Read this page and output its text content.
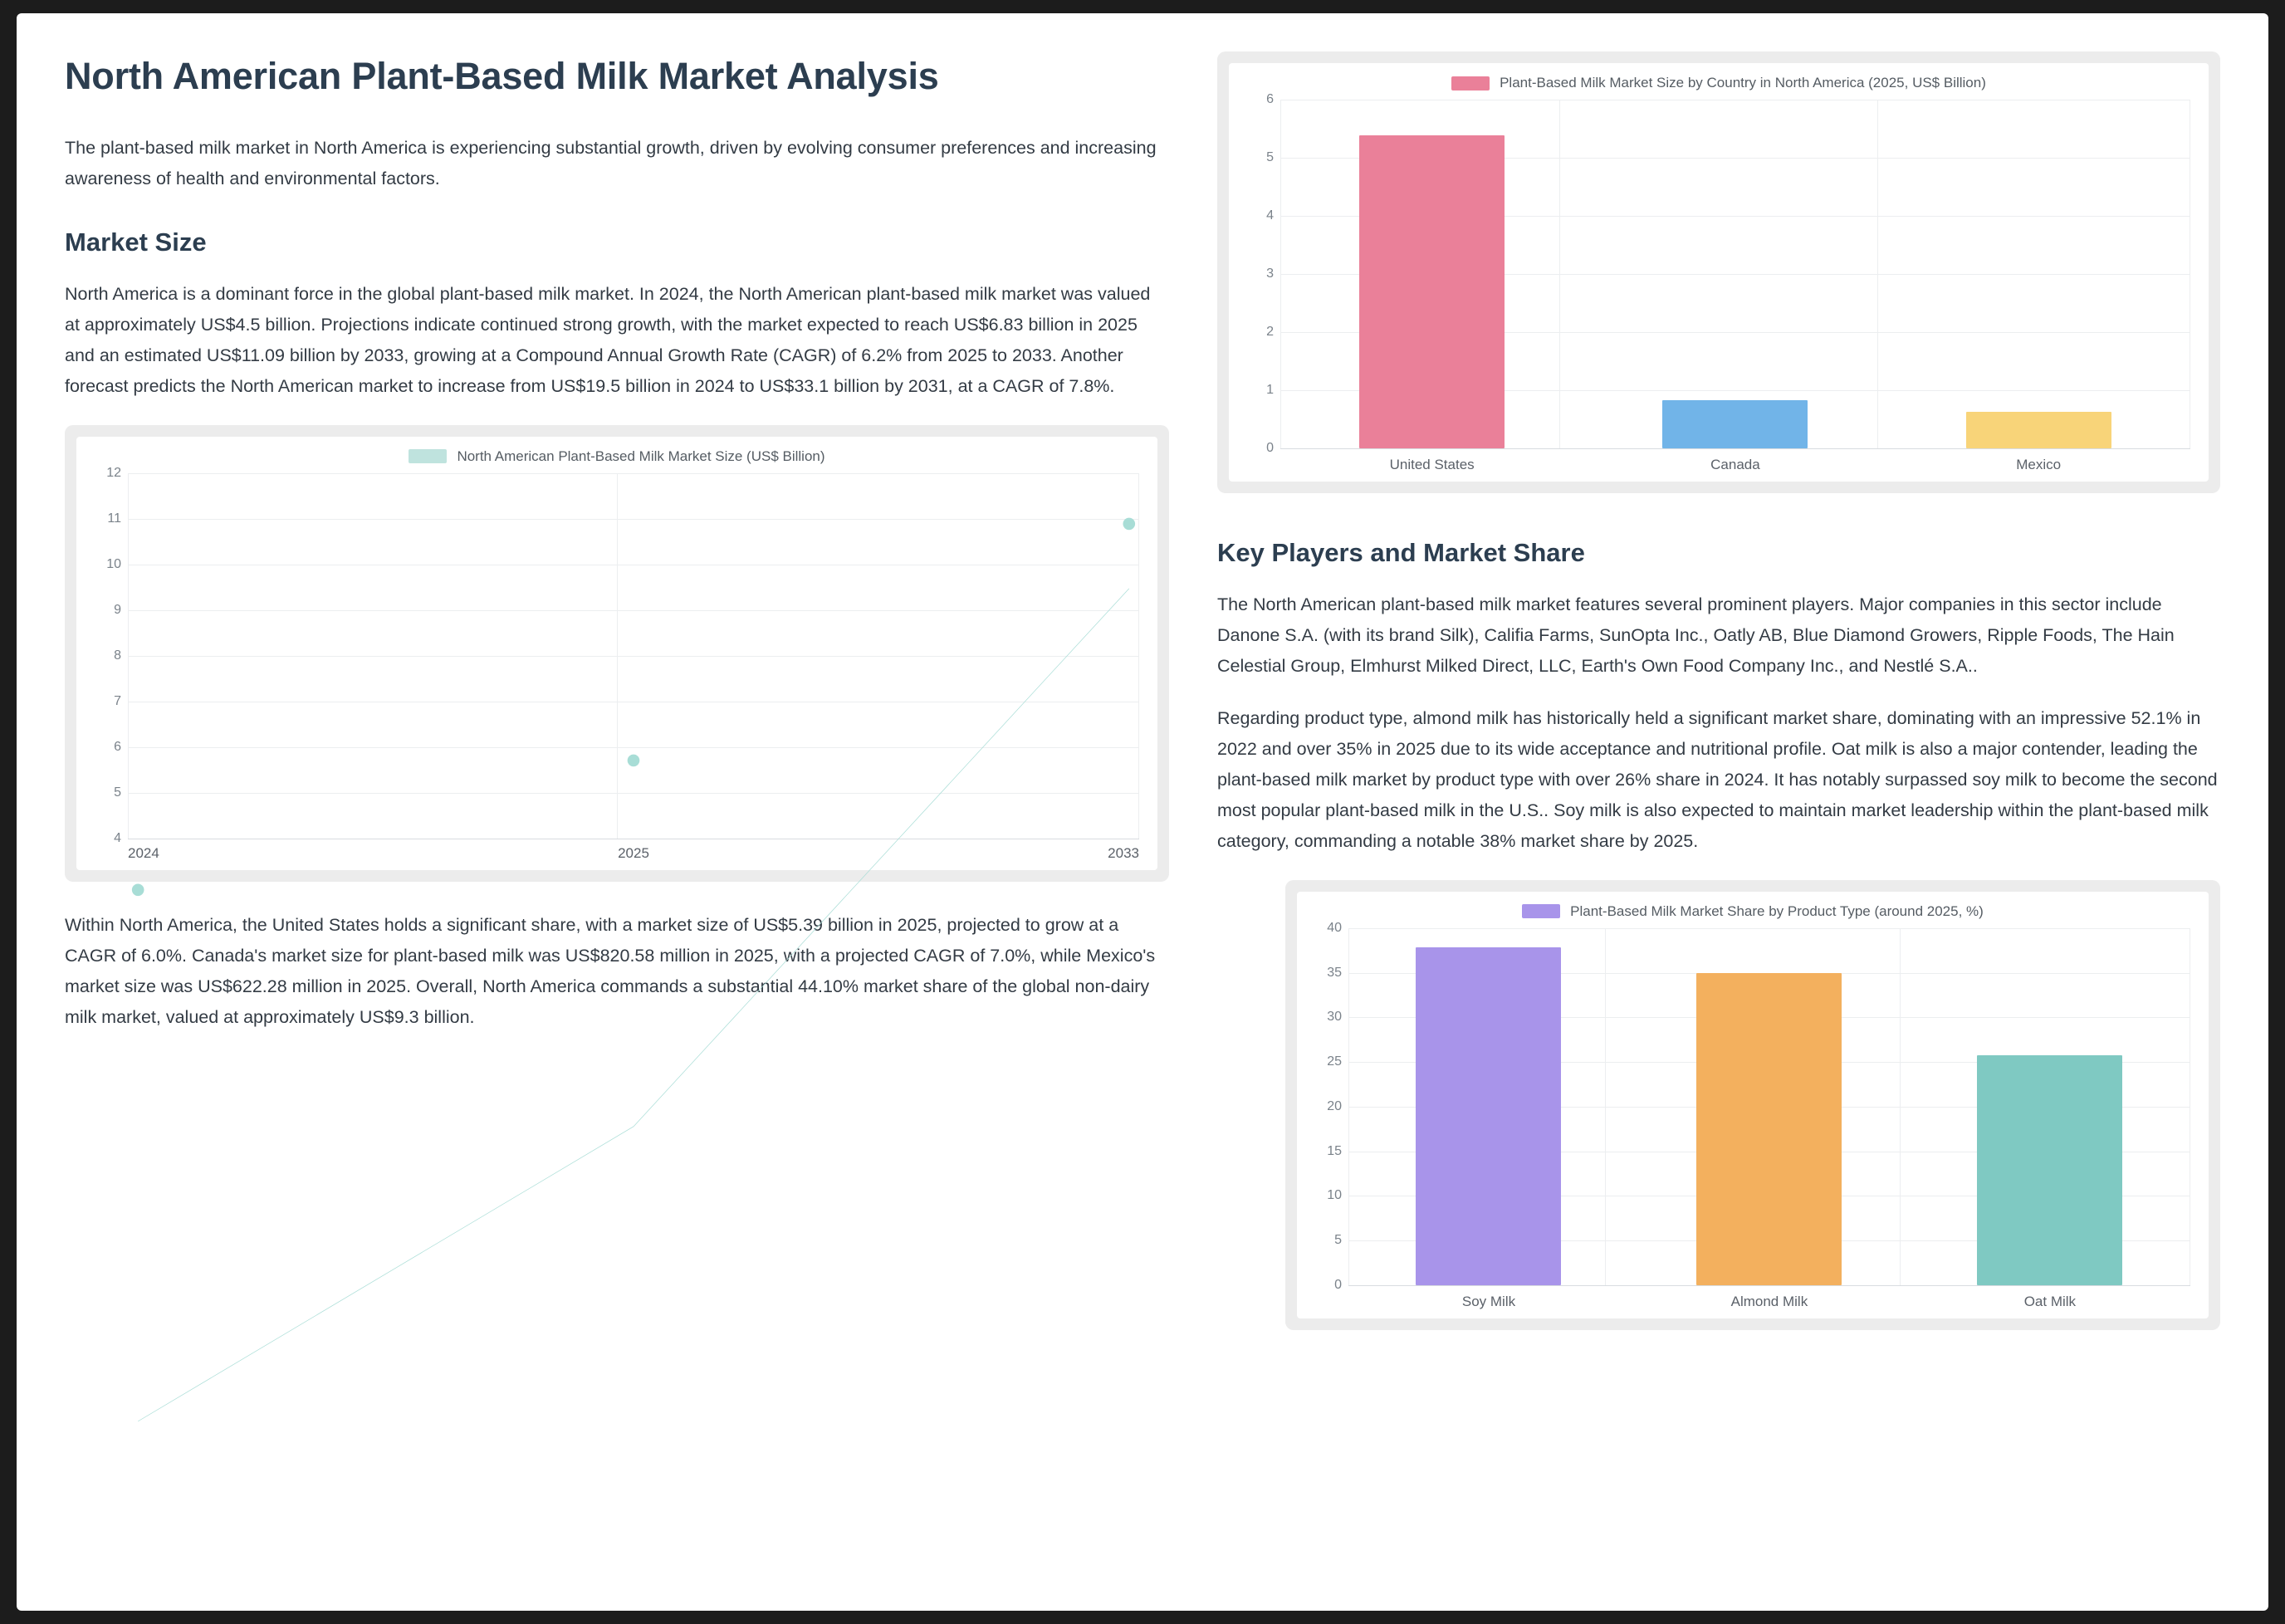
North American Plant-Based Milk Market Analysis

The plant-based milk market in North America is experiencing substantial growth, driven by evolving consumer preferences and increasing awareness of health and environmental factors.

Market Size

North America is a dominant force in the global plant-based milk market. In 2024, the North American plant-based milk market was valued at approximately US$4.5 billion. Projections indicate continued strong growth, with the market expected to reach US$6.83 billion in 2025 and an estimated US$11.09 billion by 2033, growing at a Compound Annual Growth Rate (CAGR) of 6.2% from 2025 to 2033. Another forecast predicts the North American market to increase from US$19.5 billion in 2024 to US$33.1 billion by 2031, at a CAGR of 7.8%.

North American Plant-Based Milk Market Size (US$ Billion)
12
11
10
9
8
7
6
5
4
2024	2025	2033

Within North America, the United States holds a significant share, with a market size of US$5.39 billion in 2025, projected to grow at a CAGR of 6.0%. Canada's market size for plant-based milk was US$820.58 million in 2025, with a projected CAGR of 7.0%, while Mexico's market size was US$622.28 million in 2025. Overall, North America commands a substantial 44.10% market share of the global non-dairy milk market, valued at approximately US$9.3 billion.

Plant-Based Milk Market Size by Country in North America (2025, US$ Billion)
6
5
4
3
2
1
0
United States	Canada	Mexico
Key Players and Market Share

The North American plant-based milk market features several prominent players. Major companies in this sector include Danone S.A. (with its brand Silk), Califia Farms, SunOpta Inc., Oatly AB, Blue Diamond Growers, Ripple Foods, The Hain Celestial Group, Elmhurst Milked Direct, LLC, Earth's Own Food Company Inc., and Nestlé S.A..

Regarding product type, almond milk has historically held a significant market share, dominating with an impressive 52.1% in 2022 and over 35% in 2025 due to its wide acceptance and nutritional profile. Oat milk is also a major contender, leading the plant-based milk market by product type with over 26% share in 2024. It has notably surpassed soy milk to become the second most popular plant-based milk in the U.S.. Soy milk is also expected to maintain market leadership within the plant-based milk category, commanding a notable 38% market share by 2025.

Plant-Based Milk Market Share by Product Type (around 2025, %)
40
35
30
25
20
15
10
5
0
Soy Milk	Almond Milk	Oat Milk
